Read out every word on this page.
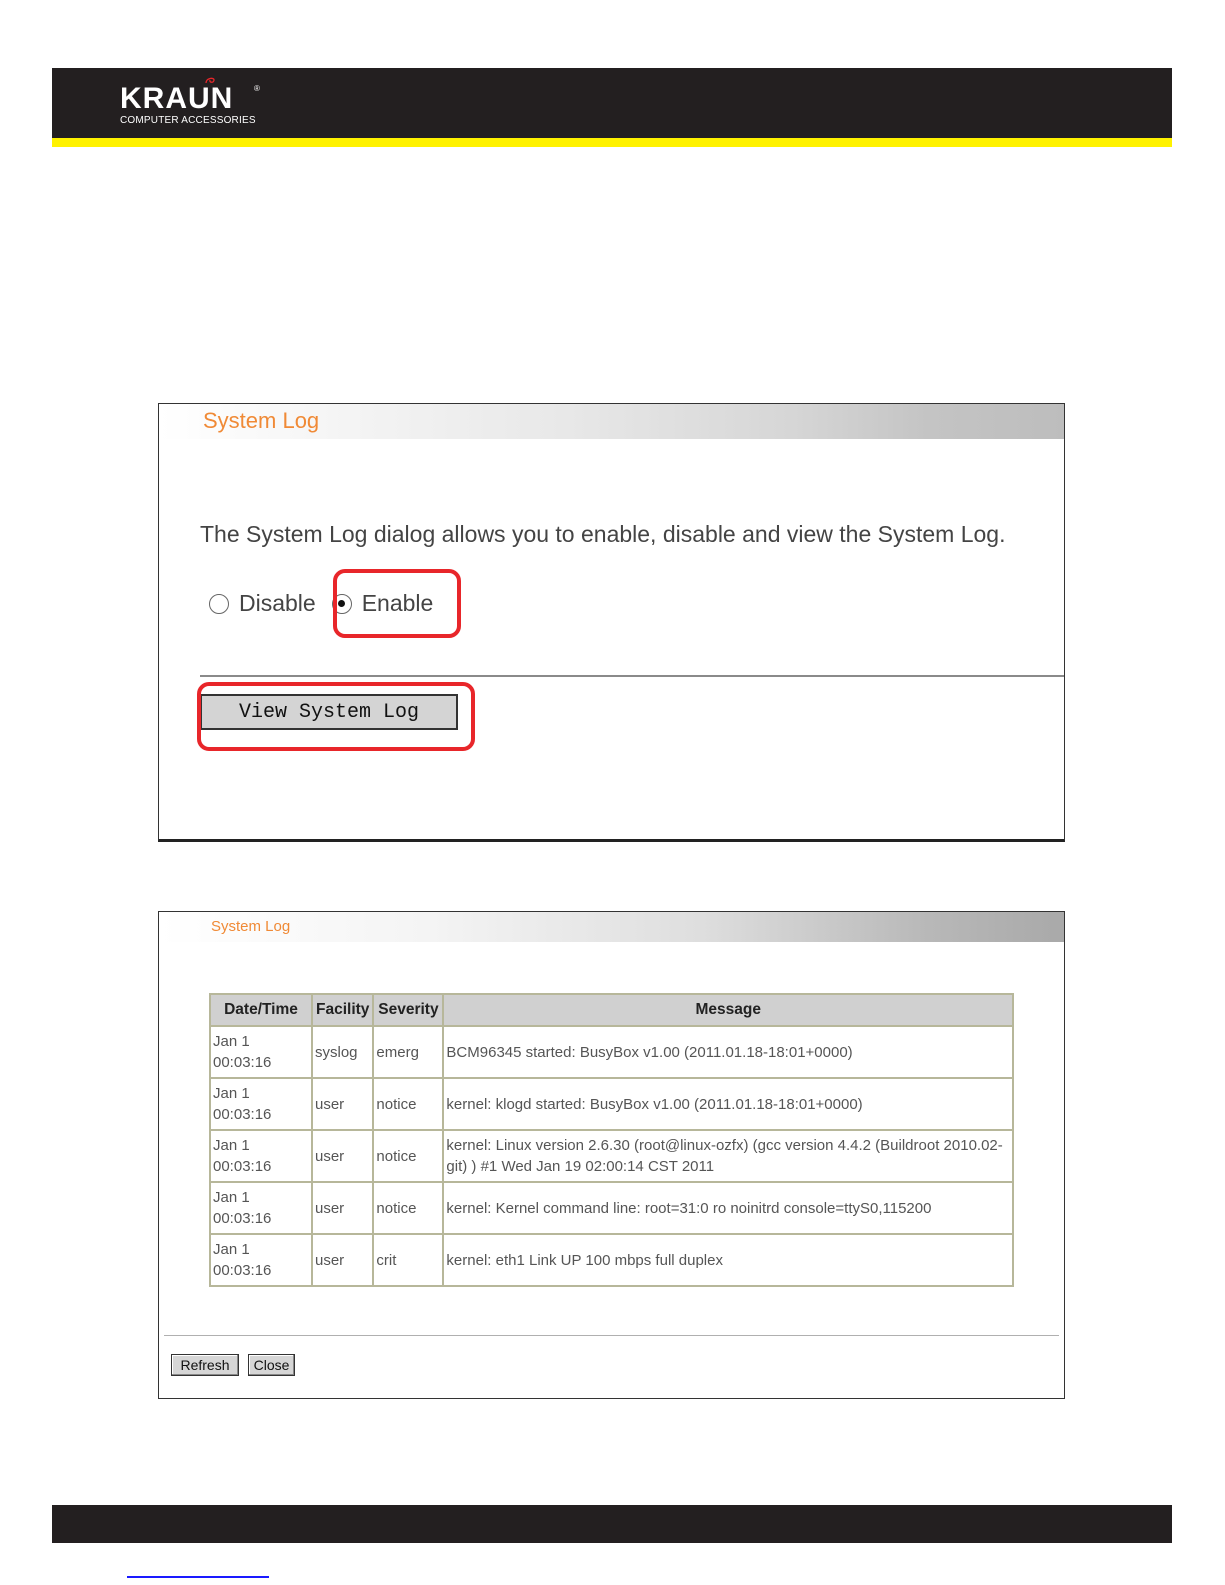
KRAUN	®
COMPUTER ACCESSORIES
System Log
The System Log dialog allows you to enable, disable and view the System Log.
Disable Enable
View System Log
System Log
Date/Time	Facility	Severity	Message
Jan 1
00:03:16	syslog	emerg	BCM96345 started: BusyBox v1.00 (2011.01.18-18:01+0000)
Jan 1
00:03:16	user	notice	kernel: klogd started: BusyBox v1.00 (2011.01.18-18:01+0000)
Jan 1
00:03:16	user	notice	kernel: Linux version 2.6.30 (root@linux-ozfx) (gcc version 4.4.2 (Buildroot 2010.02-git) ) #1 Wed Jan 19 02:00:14 CST 2011
Jan 1
00:03:16	user	notice	kernel: Kernel command line: root=31:0 ro noinitrd console=ttyS0,115200
Jan 1
00:03:16	user	crit	kernel: eth1 Link UP 100 mbps full duplex
Refresh	Close
